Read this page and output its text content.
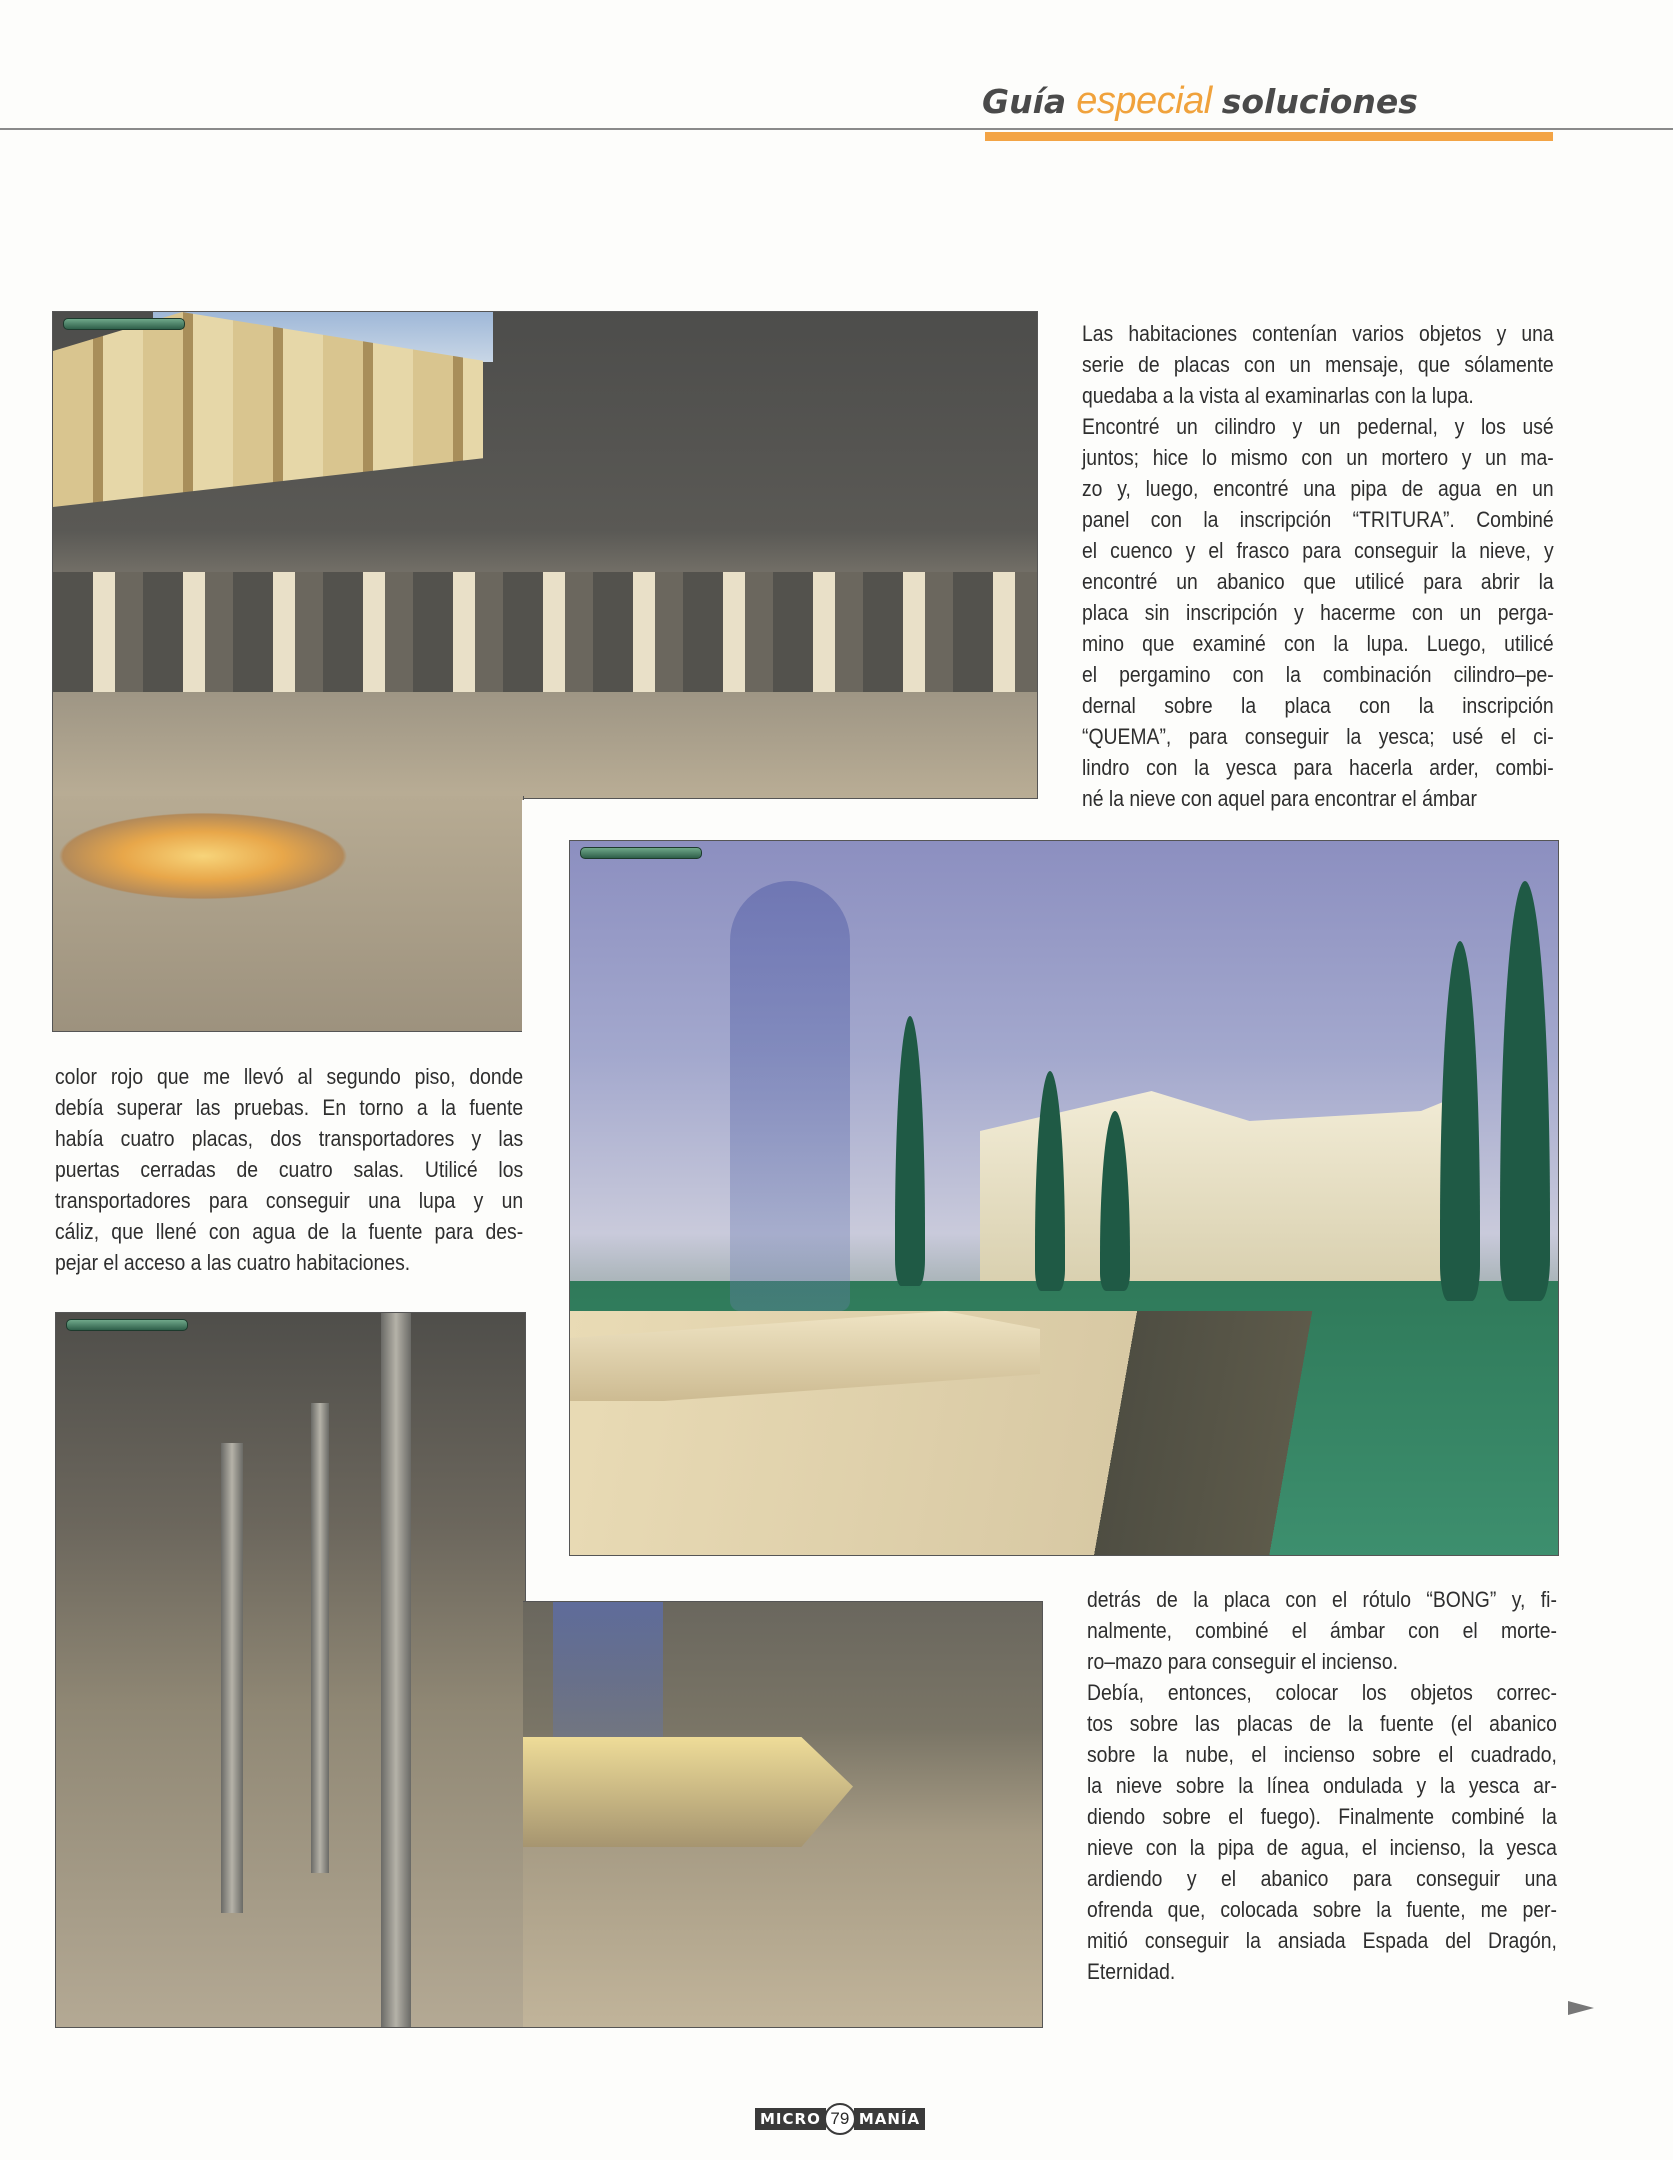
Guía especial soluciones
Las habitaciones contenían varios objetos y una
serie de placas con un mensaje, que sólamente
quedaba a la vista al examinarlas con la lupa.
Encontré un cilindro y un pedernal, y los usé
juntos; hice lo mismo con un mortero y un ma-
zo y, luego, encontré una pipa de agua en un
panel con la inscripción “TRITURA”. Combiné
el cuenco y el frasco para conseguir la nieve, y
encontré un abanico que utilicé para abrir la
placa sin inscripción y hacerme con un perga-
mino que examiné con la lupa. Luego, utilicé
el pergamino con la combinación cilindro–pe-
dernal sobre la placa con la inscripción
“QUEMA”, para conseguir la yesca; usé el ci-
lindro con la yesca para hacerla arder, combi-
né la nieve con aquel para encontrar el ámbar
color rojo que me llevó al segundo piso, donde
debía superar las pruebas. En torno a la fuente
había cuatro placas, dos transportadores y las
puertas cerradas de cuatro salas. Utilicé los
transportadores para conseguir una lupa y un
cáliz, que llené con agua de la fuente para des-
pejar el acceso a las cuatro habitaciones.
detrás de la placa con el rótulo “BONG” y, fi-
nalmente, combiné el ámbar con el morte-
ro–mazo para conseguir el incienso.
Debía, entonces, colocar los objetos correc-
tos sobre las placas de la fuente (el abanico
sobre la nube, el incienso sobre el cuadrado,
la nieve sobre la línea ondulada y la yesca ar-
diendo sobre el fuego). Finalmente combiné la
nieve con la pipa de agua, el incienso, la yesca
ardiendo y el abanico para conseguir una
ofrenda que, colocada sobre la fuente, me per-
mitió conseguir la ansiada Espada del Dragón,
Eternidad.
MICRO 79 MANÍA
